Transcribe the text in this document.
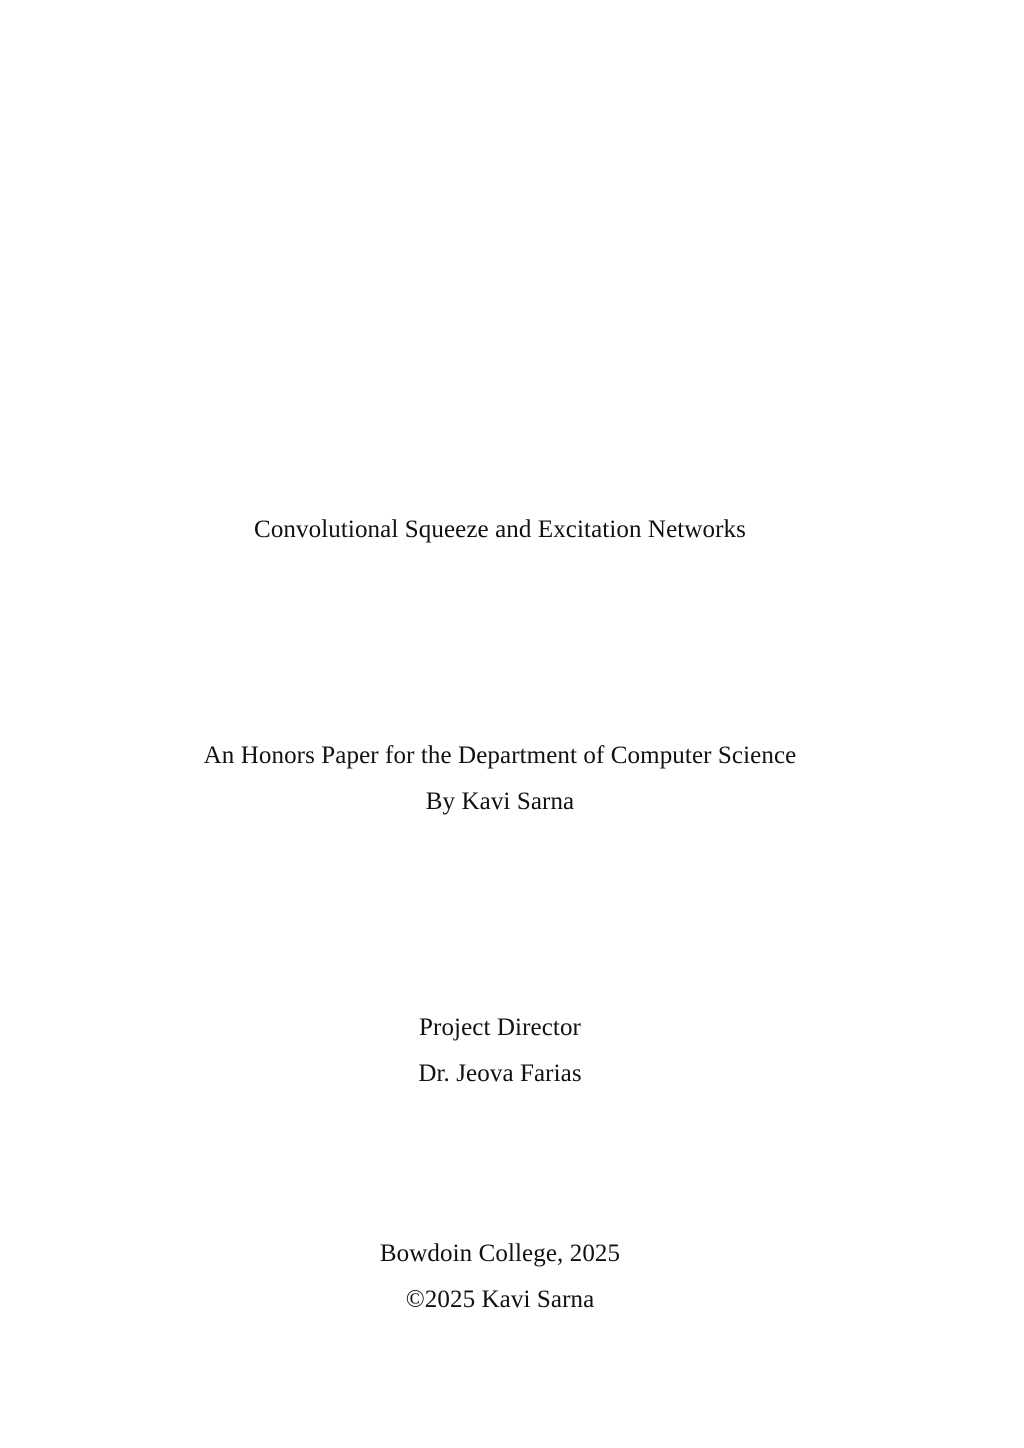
Convolutional Squeeze and Excitation Networks
An Honors Paper for the Department of Computer Science
By Kavi Sarna
Project Director
Dr. Jeova Farias
Bowdoin College, 2025
©2025 Kavi Sarna
